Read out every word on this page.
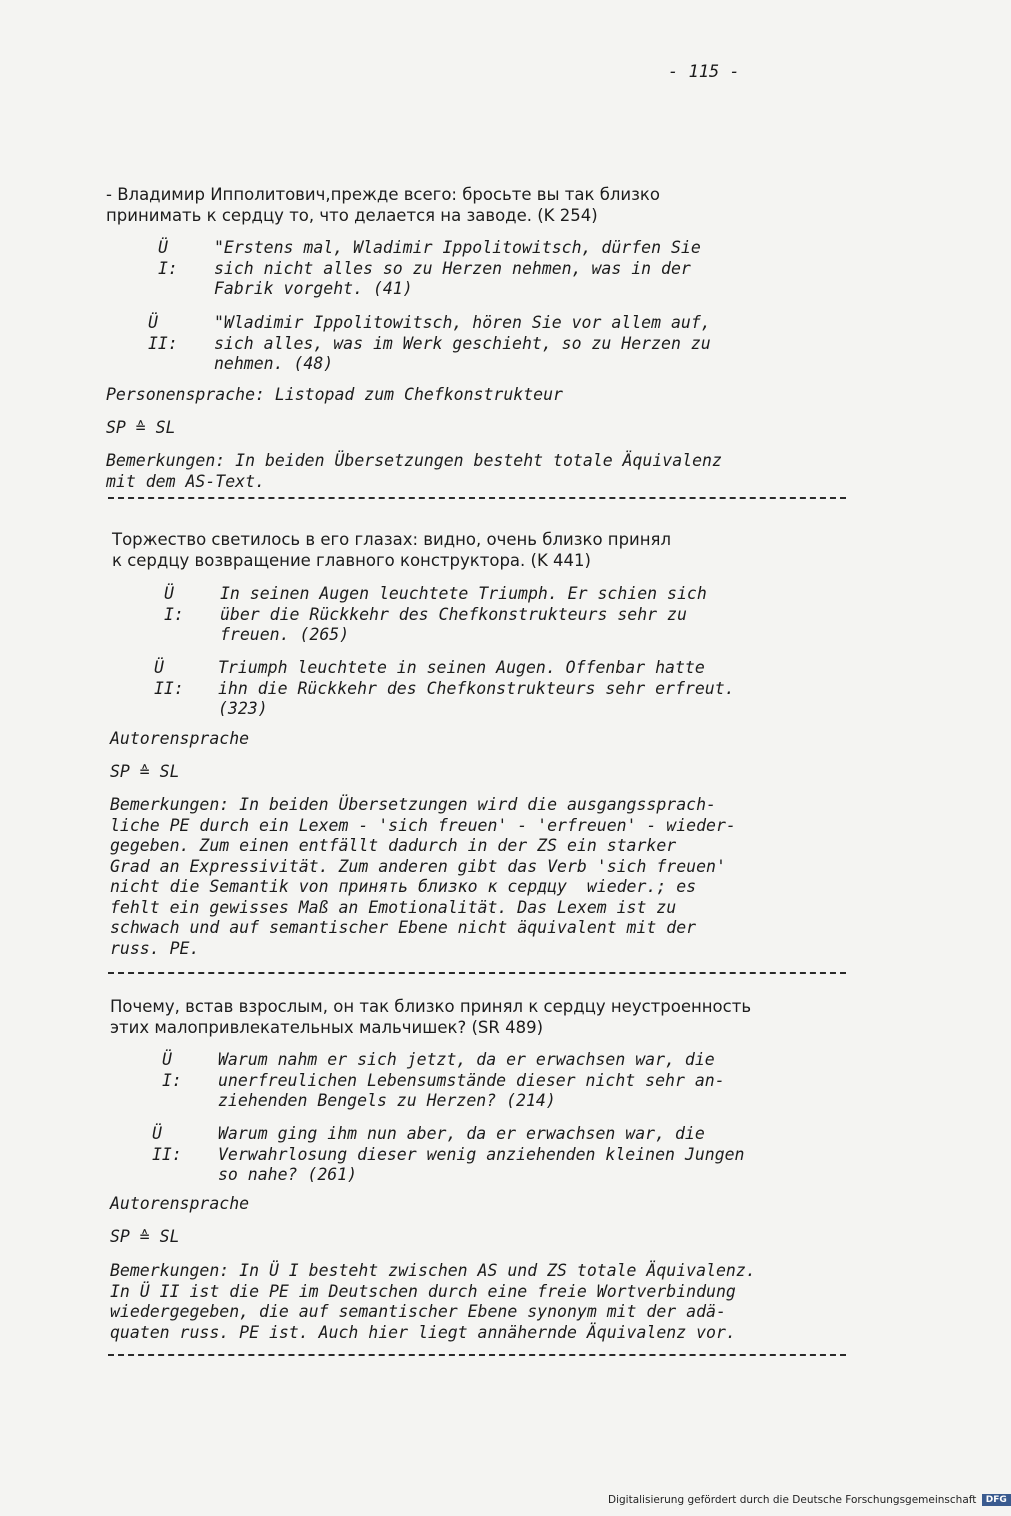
- 115 -
- Владимир Ипполитович,прежде всего: бросьте вы так близко
принимать к сердцу то, что делается на заводе. (K 254)
Ü I:
"Erstens mal, Wladimir Ippolitowitsch, dürfen Sie
sich nicht alles so zu Herzen nehmen, was in der
Fabrik vorgeht. (41)
Ü II:
"Wladimir Ippolitowitsch, hören Sie vor allem auf,
sich alles, was im Werk geschieht, so zu Herzen zu
nehmen. (48)
Personensprache: Listopad zum Chefkonstrukteur
SP ≙ SL
Bemerkungen: In beiden Übersetzungen besteht totale Äquivalenz
mit dem AS-Text.
Торжество светилось в его глазах: видно, очень близко принял
к сердцу возвращение главного конструктора. (K 441)
Ü I:
In seinen Augen leuchtete Triumph. Er schien sich
über die Rückkehr des Chefkonstrukteurs sehr zu
freuen. (265)
Ü II:
Triumph leuchtete in seinen Augen. Offenbar hatte
ihn die Rückkehr des Chefkonstrukteurs sehr erfreut.
(323)
Autorensprache
SP ≙ SL
Bemerkungen: In beiden Übersetzungen wird die ausgangssprach-
liche PE durch ein Lexem - 'sich freuen' - 'erfreuen' - wieder-
gegeben. Zum einen entfällt dadurch in der ZS ein starker
Grad an Expressivität. Zum anderen gibt das Verb 'sich freuen'
nicht die Semantik von принять близко к сердцу  wieder.; es
fehlt ein gewisses Maß an Emotionalität. Das Lexem ist zu
schwach und auf semantischer Ebene nicht äquivalent mit der
russ. PE.
Почему, встав взрослым, он так близко принял к сердцу неустроенность
этих малопривлекательных мальчишек? (SR 489)
Ü I:
Warum nahm er sich jetzt, da er erwachsen war, die
unerfreulichen Lebensumstände dieser nicht sehr an-
ziehenden Bengels zu Herzen? (214)
Ü II:
Warum ging ihm nun aber, da er erwachsen war, die
Verwahrlosung dieser wenig anziehenden kleinen Jungen
so nahe? (261)
Autorensprache
SP ≙ SL
Bemerkungen: In Ü I besteht zwischen AS und ZS totale Äquivalenz.
In Ü II ist die PE im Deutschen durch eine freie Wortverbindung
wiedergegeben, die auf semantischer Ebene synonym mit der adä-
quaten russ. PE ist. Auch hier liegt annähernde Äquivalenz vor.
Digitalisierung gefördert durch die Deutsche Forschungsgemeinschaft DFG
